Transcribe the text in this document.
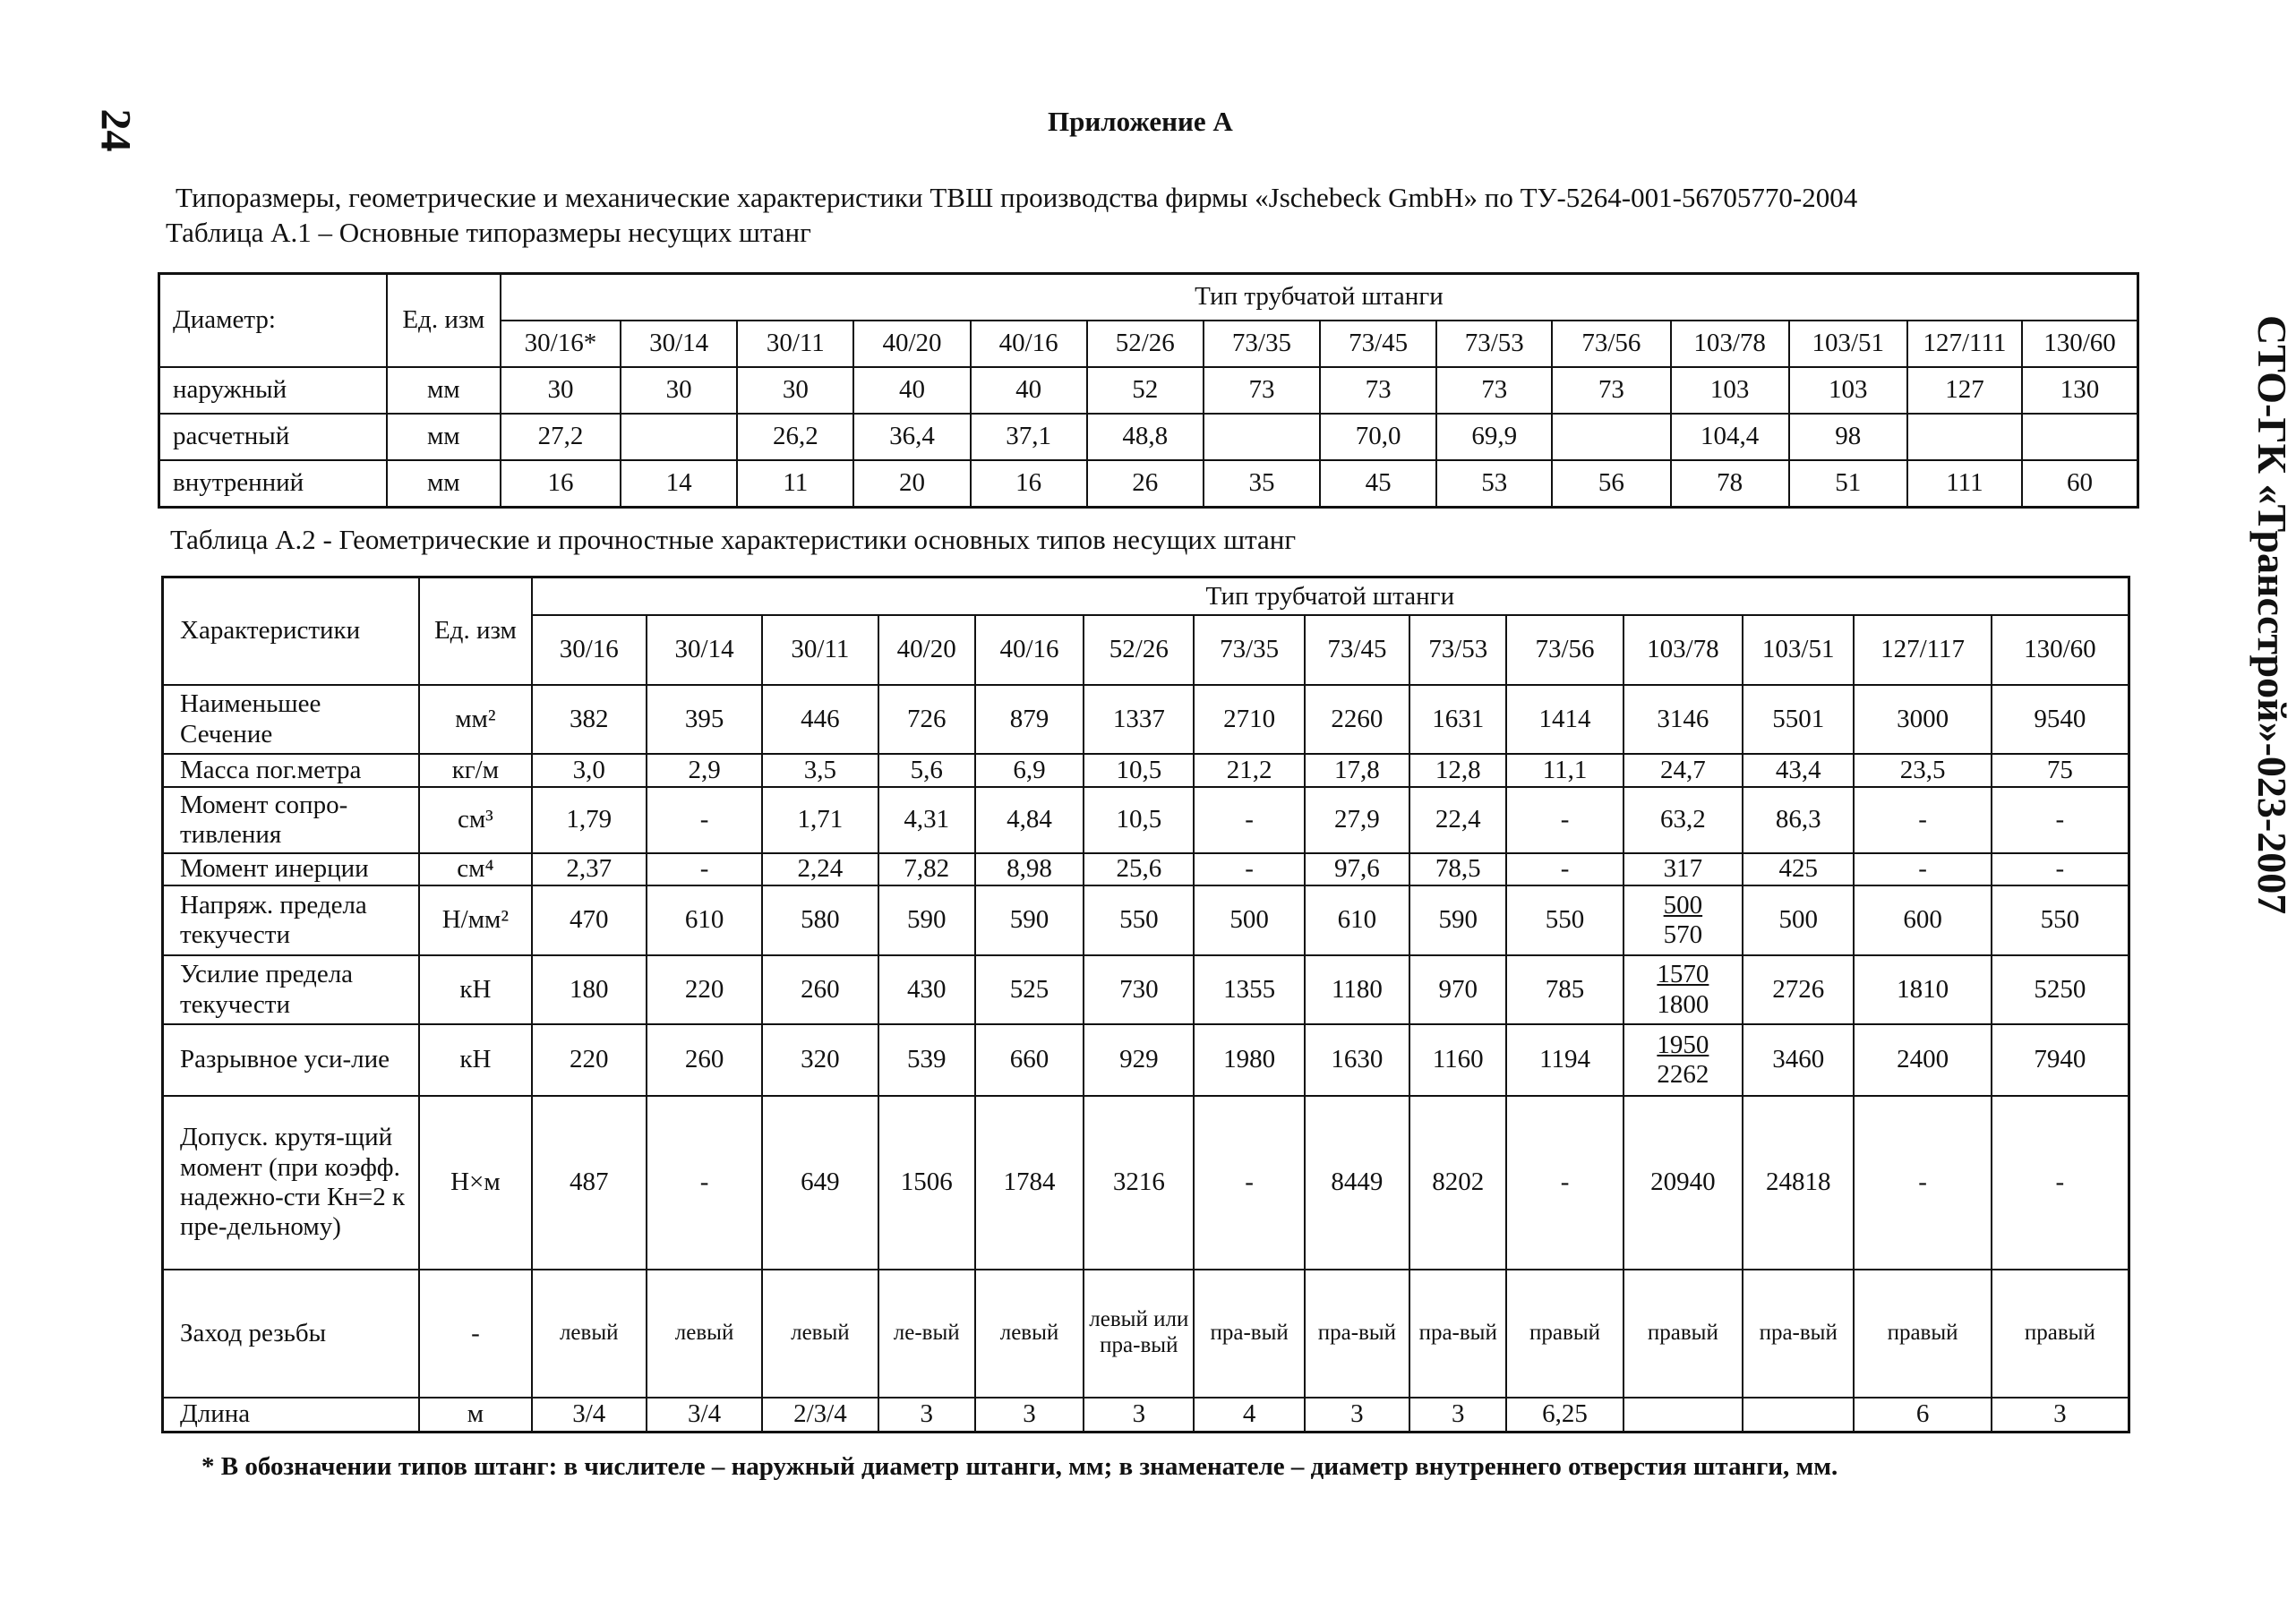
24
СТО-ГК «Трансстрой»-023-2007
Приложение А
Типоразмеры, геометрические и механические характеристики ТВШ производства фирмы «Jschebeck GmbH» по ТУ-5264-001-56705770-2004
Таблица А.1 – Основные типоразмеры несущих штанг
Диаметр:	Ед. изм	Тип трубчатой штанги													
		30/16*	30/14	30/11	40/20	40/16	52/26	73/35	73/45	73/53	73/56	103/78	103/51	127/111	130/60
наружный	мм	30	30	30	40	40	52	73	73	73	73	103	103	127	130
расчетный	мм	27,2		26,2	36,4	37,1	48,8		70,0	69,9		104,4	98		
внутренний	мм	16	14	11	20	16	26	35	45	53	56	78	51	111	60
Таблица А.2 - Геометрические и прочностные характеристики основных типов несущих штанг
Характеристики	Ед. изм	Тип трубчатой штанги													
		30/16	30/14	30/11	40/20	40/16	52/26	73/35	73/45	73/53	73/56	103/78	103/51	127/117	130/60
Наименьшее Сечение	мм²	382	395	446	726	879	1337	2710	2260	1631	1414	3146	5501	3000	9540
Масса пог.метра	кг/м	3,0	2,9	3,5	5,6	6,9	10,5	21,2	17,8	12,8	11,1	24,7	43,4	23,5	75
Момент сопро-тивления	см³	1,79	-	1,71	4,31	4,84	10,5	-	27,9	22,4	-	63,2	86,3	-	-
Момент инерции	см⁴	2,37	-	2,24	7,82	8,98	25,6	-	97,6	78,5	-	317	425	-	-
Напряж. предела текучести	Н/мм²	470	610	580	590	590	550	500	610	590	550	$\frac{500}{570}$	500	600	550
Усилие предела текучести	кН	180	220	260	430	525	730	1355	1180	970	785	$\frac{1570}{1800}$	2726	1810	5250
Разрывное уси-лие	кН	220	260	320	539	660	929	1980	1630	1160	1194	$\frac{1950}{2262}$	3460	2400	7940
Допуск. крутя-щий момент (при коэфф. надежно-сти Кн=2 к пре-дельному)	Н×м	487	-	649	1506	1784	3216	-	8449	8202	-	20940	24818	-	-
Заход резьбы	-	левый	левый	левый	ле-вый	левый	левый или пра-вый	пра-вый	пра-вый	пра-вый	правый	правый	пра-вый	правый	правый
Длина	м	3/4	3/4	2/3/4	3	3	3	4	3	3	6,25			6	3
* В обозначении типов штанг: в числителе – наружный диаметр штанги, мм; в знаменателе – диаметр внутреннего отверстия штанги, мм.
